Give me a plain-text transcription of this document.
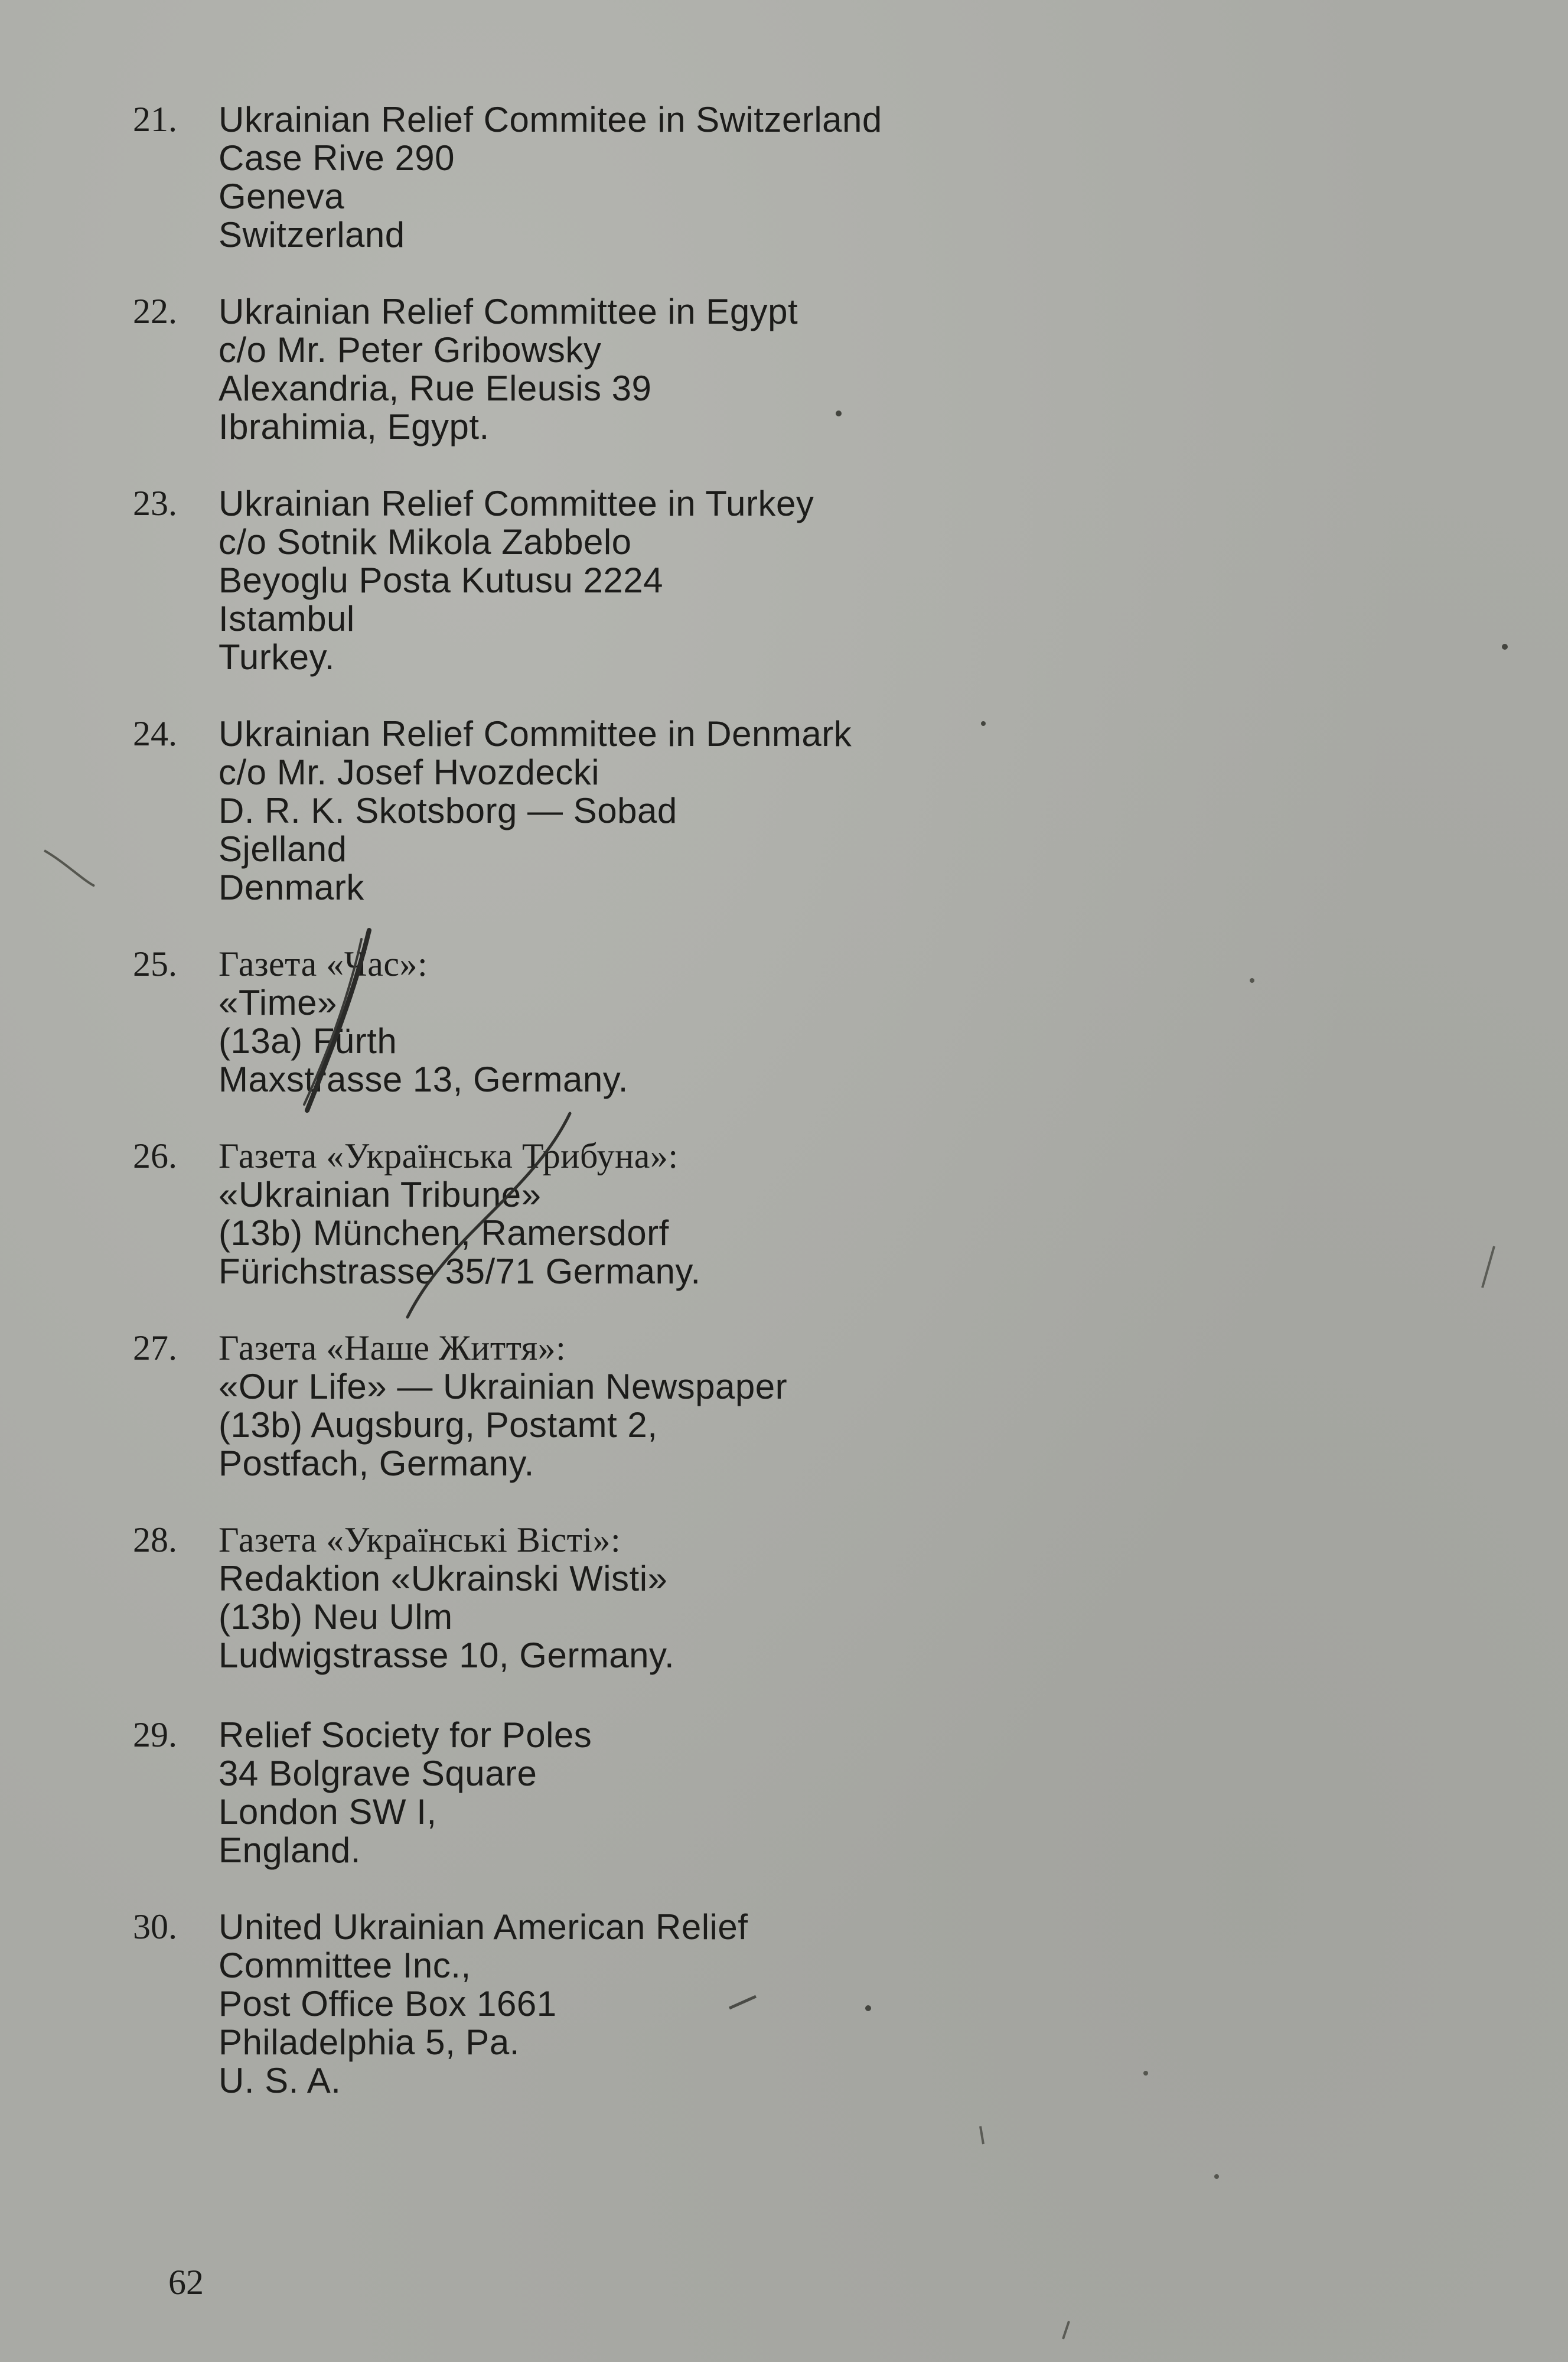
21. Ukrainian Relief Commitee in Switzerland
Case Rive 290
Geneva
Switzerland
22. Ukrainian Relief Committee in Egypt
c/o Mr. Peter Gribowsky
Alexandria, Rue Eleusis 39
Ibrahimia, Egypt.
23. Ukrainian Relief Committee in Turkey
c/o Sotnik Mikola Zabbelo
Beyoglu Posta Kutusu 2224
Istambul
Turkey.
24. Ukrainian Relief Committee in Denmark
c/o Mr. Josef Hvozdecki
D. R. K. Skotsborg — Sobad
Sjelland
Denmark
25. Газета «Час»:
«Time»
(13a) Fürth
Maxstrasse 13, Germany.
26. Газета «Українська Трибуна»:
«Ukrainian Tribune»
(13b) München, Ramersdorf
Fürichstrasse 35/71 Germany.
27. Газета «Наше Життя»:
«Our Life» — Ukrainian Newspaper
(13b) Augsburg, Postamt 2,
Postfach, Germany.
28. Газета «Українські Вісті»:
Redaktion «Ukrainski Wisti»
(13b) Neu Ulm
Ludwigstrasse 10, Germany.
29. Relief Society for Poles
34 Bolgrave Square
London SW I,
England.
30. United Ukrainian American Relief
Committee Inc.,
Post Office Box 1661
Philadelphia 5, Pa.
U. S. A.
62
